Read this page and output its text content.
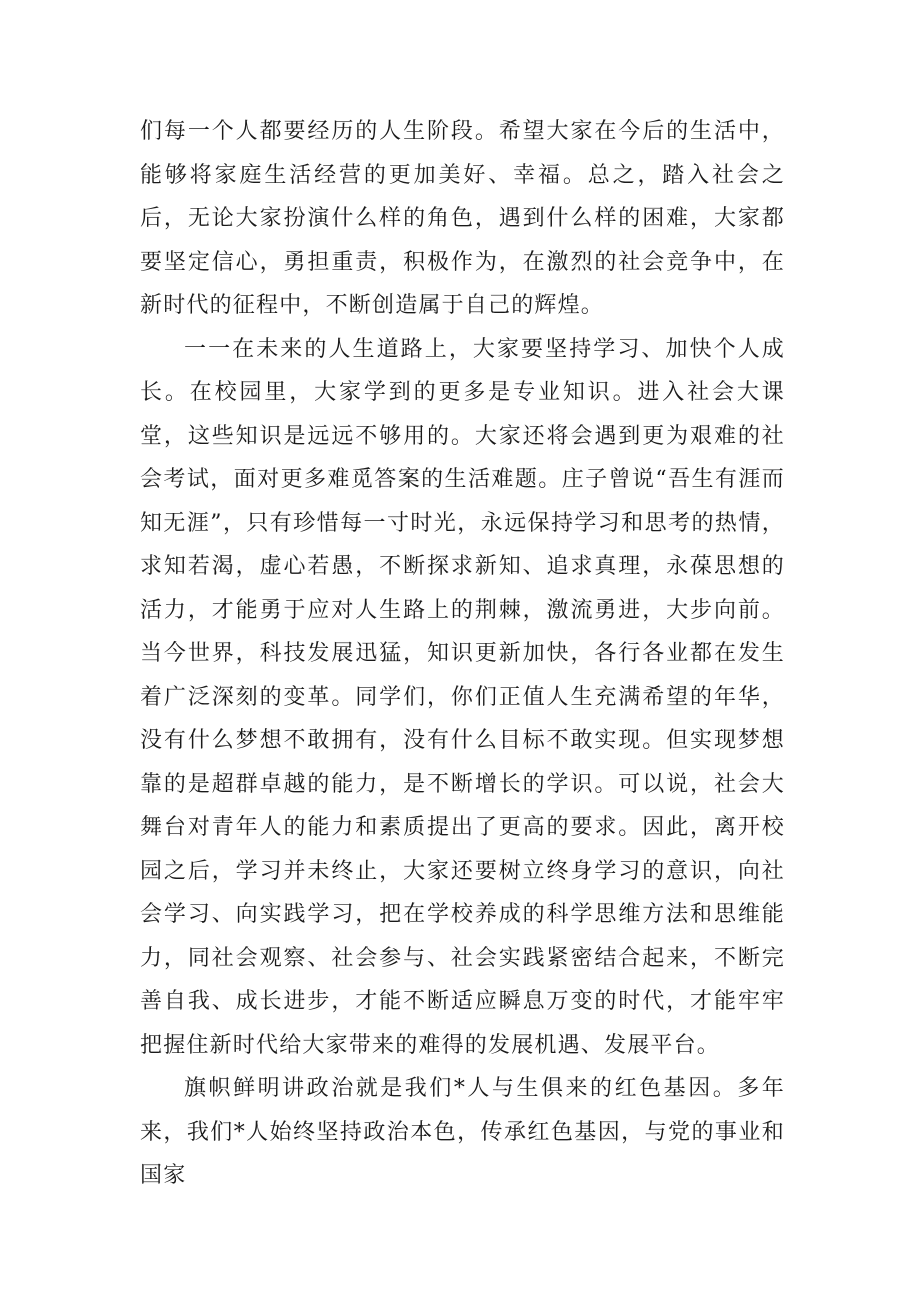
们每一个人都要经历的人生阶段。希望大家在今后的生活中，能够将家庭生活经营的更加美好、幸福。总之，踏入社会之后，无论大家扮演什么样的角色，遇到什么样的困难，大家都要坚定信心，勇担重责，积极作为，在激烈的社会竞争中，在新时代的征程中，不断创造属于自己的辉煌。

一一在未来的人生道路上，大家要坚持学习、加快个人成长。在校园里，大家学到的更多是专业知识。进入社会大课堂，这些知识是远远不够用的。大家还将会遇到更为艰难的社会考试，面对更多难觅答案的生活难题。庄子曾说“吾生有涯而知无涯”，只有珍惜每一寸时光，永远保持学习和思考的热情，求知若渴，虚心若愚，不断探求新知、追求真理，永葆思想的活力，才能勇于应对人生路上的荆棘，激流勇进，大步向前。当今世界，科技发展迅猛，知识更新加快，各行各业都在发生着广泛深刻的变革。同学们，你们正值人生充满希望的年华，没有什么梦想不敢拥有，没有什么目标不敢实现。但实现梦想靠的是超群卓越的能力，是不断增长的学识。可以说，社会大舞台对青年人的能力和素质提出了更高的要求。因此，离开校园之后，学习并未终止，大家还要树立终身学习的意识，向社会学习、向实践学习，把在学校养成的科学思维方法和思维能力，同社会观察、社会参与、社会实践紧密结合起来，不断完善自我、成长进步，才能不断适应瞬息万变的时代，才能牢牢把握住新时代给大家带来的难得的发展机遇、发展平台。

旗帜鲜明讲政治就是我们*人与生俱来的红色基因。多年来，我们*人始终坚持政治本色，传承红色基因，与党的事业和国家
